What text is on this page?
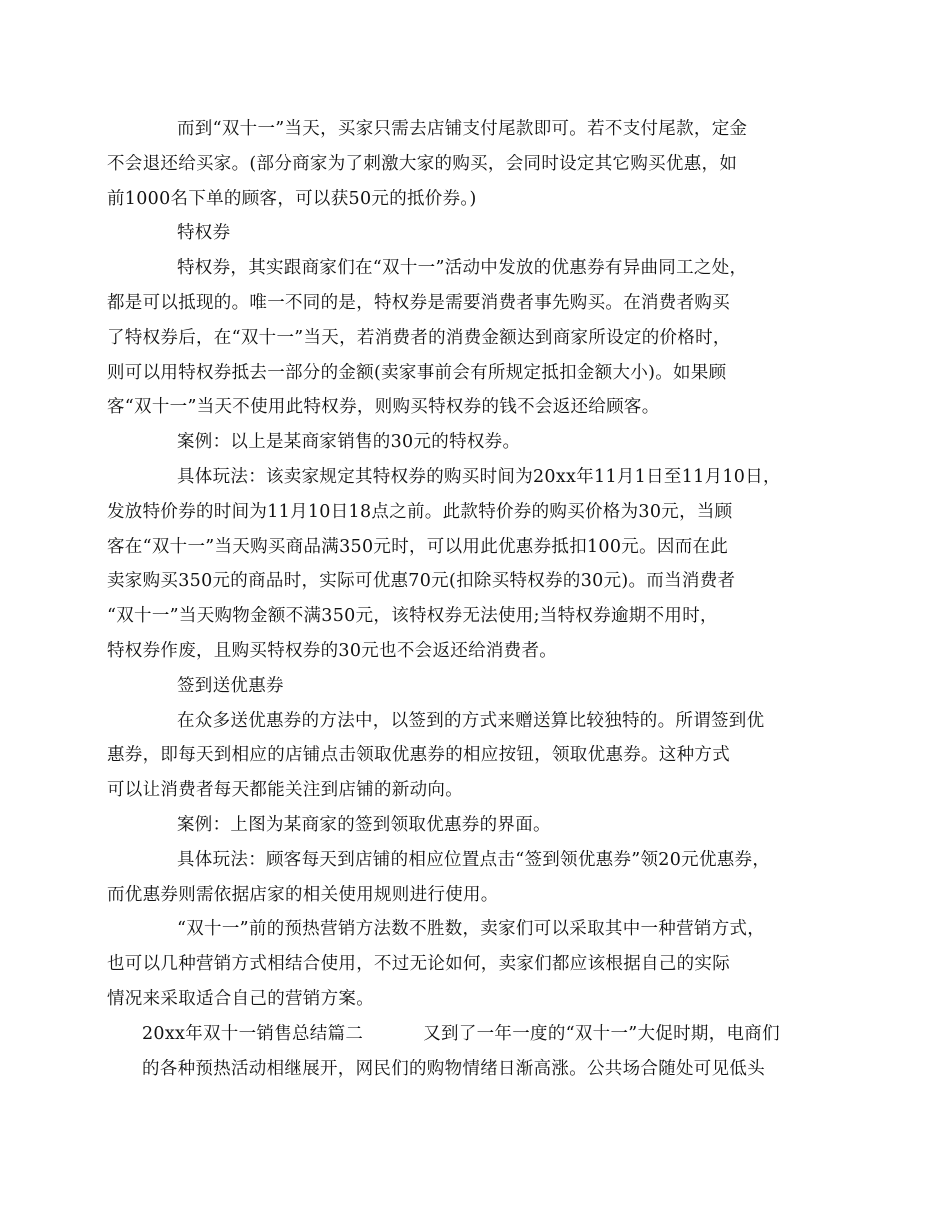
而到“双十一”当天，买家只需去店铺支付尾款即可。若不支付尾款，定金
不会退还给买家。(部分商家为了刺激大家的购买，会同时设定其它购买优惠，如
前1000名下单的顾客，可以获50元的抵价券。)

特权券

特权券，其实跟商家们在“双十一”活动中发放的优惠券有异曲同工之处，
都是可以抵现的。唯一不同的是，特权券是需要消费者事先购买。在消费者购买
了特权券后，在“双十一”当天，若消费者的消费金额达到商家所设定的价格时，
则可以用特权券抵去一部分的金额(卖家事前会有所规定抵扣金额大小)。如果顾
客“双十一”当天不使用此特权券，则购买特权券的钱不会返还给顾客。

案例：以上是某商家销售的30元的特权券。

具体玩法：该卖家规定其特权券的购买时间为20xx年11月1日至11月10日，
发放特价券的时间为11月10日18点之前。此款特价券的购买价格为30元，当顾
客在“双十一”当天购买商品满350元时，可以用此优惠券抵扣100元。因而在此
卖家购买350元的商品时，实际可优惠70元(扣除买特权券的30元)。而当消费者
“双十一”当天购物金额不满350元，该特权券无法使用;当特权券逾期不用时，
特权券作废，且购买特权券的30元也不会返还给消费者。

签到送优惠券

在众多送优惠券的方法中，以签到的方式来赠送算比较独特的。所谓签到优
惠券，即每天到相应的店铺点击领取优惠券的相应按钮，领取优惠券。这种方式
可以让消费者每天都能关注到店铺的新动向。

案例：上图为某商家的签到领取优惠券的界面。

具体玩法：顾客每天到店铺的相应位置点击“签到领优惠券”领20元优惠券，
而优惠券则需依据店家的相关使用规则进行使用。

“双十一”前的预热营销方法数不胜数，卖家们可以采取其中一种营销方式，
也可以几种营销方式相结合使用，不过无论如何，卖家们都应该根据自己的实际
情况来采取适合自己的营销方案。

20xx年双十一销售总结篇二	又到了一年一度的“双十一”大促时期，电商们
的各种预热活动相继展开，网民们的购物情绪日渐高涨。公共场合随处可见低头
